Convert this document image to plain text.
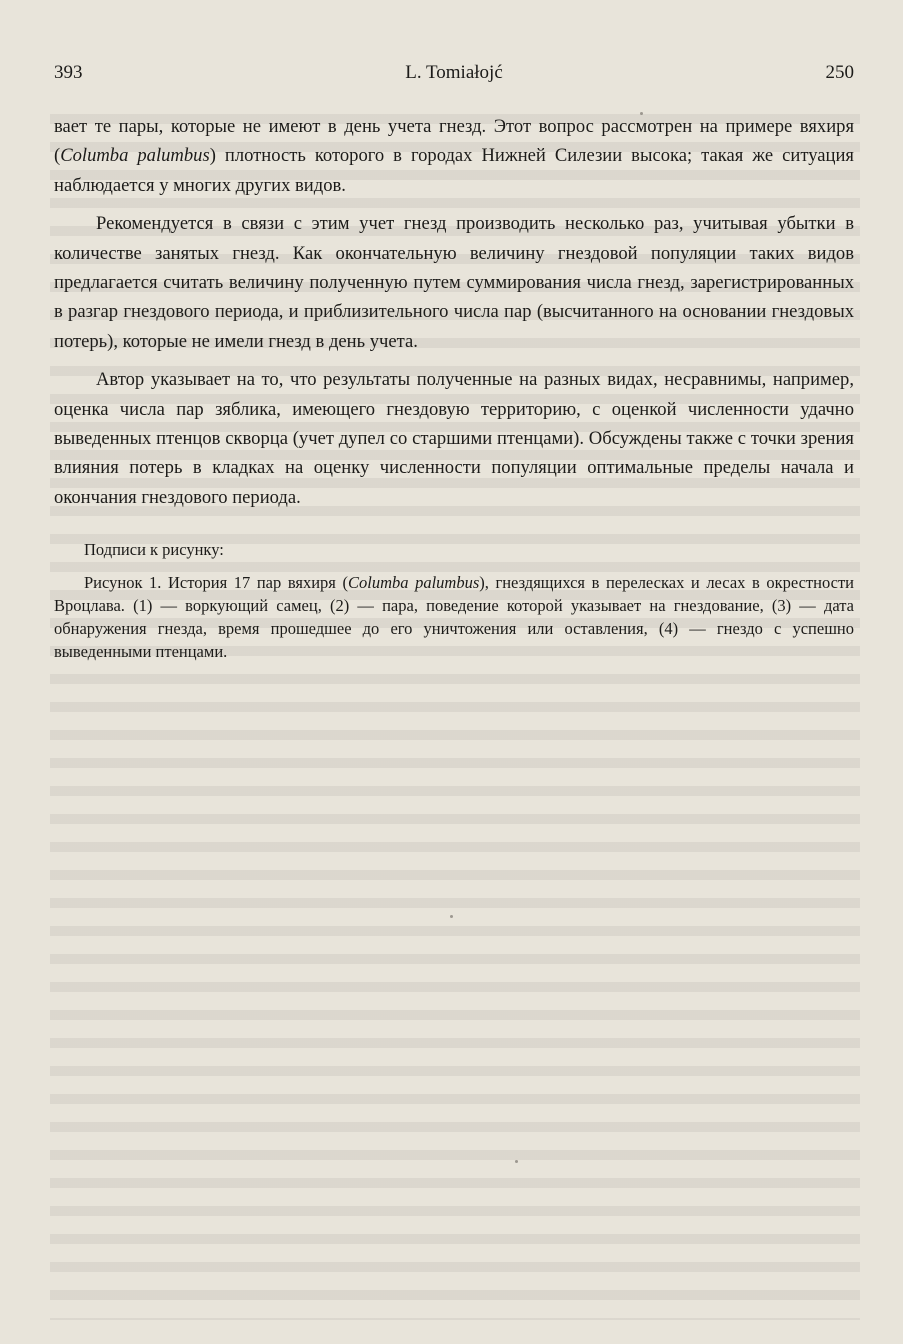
393	L. Tomiałojć	250

вает те пары, которые не имеют в день учета гнезд. Этот вопрос рассмотрен на примере вяхиря (Columba palumbus) плотность которого в городах Нижней Силезии высока; такая же ситуация наблюдается у многих других видов.

Рекомендуется в связи с этим учет гнезд производить несколько раз, учитывая убытки в количестве занятых гнезд. Как окончательную величину гнездовой популяции таких видов предлагается считать величину полученную путем суммирования числа гнезд, зарегистрированных в разгар гнездового периода, и приблизительного числа пар (высчитанного на основании гнездовых потерь), которые не имели гнезд в день учета.

Автор указывает на то, что результаты полученные на разных видах, несравнимы, например, оценка числа пар зяблика, имеющего гнездовую территорию, с оценкой численности удачно выведенных птенцов скворца (учет дупел со старшими птенцами). Обсуждены также с точки зрения влияния потерь в кладках на оценку численности популяции оптимальные пределы начала и окончания гнездового периода.

Подписи к рисунку:
Рисунок 1. История 17 пар вяхиря (Columba palumbus), гнездящихся в перелесках и лесах в окрестности Вроцлава. (1) — воркующий самец, (2) — пара, поведение которой указывает на гнездование, (3) — дата обнаружения гнезда, время прошедшее до его уничтожения или оставления, (4) — гнездо с успешно выведенными птенцами.
